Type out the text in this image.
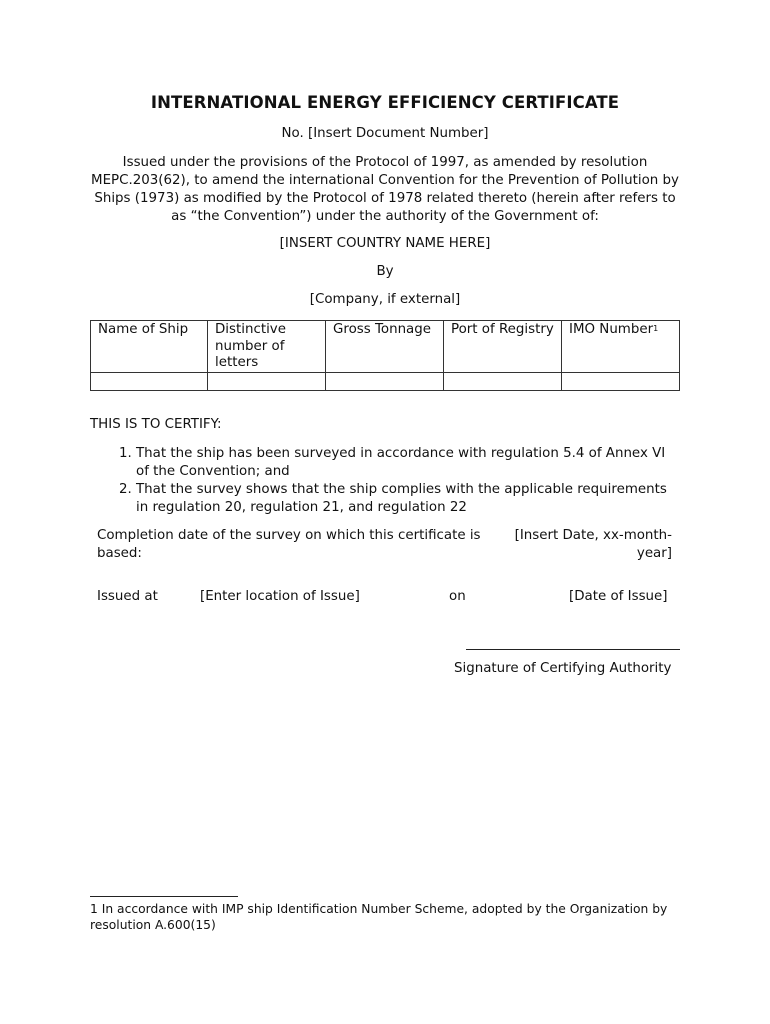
INTERNATIONAL ENERGY EFFICIENCY CERTIFICATE
No. [Insert Document Number]
Issued under the provisions of the Protocol of 1997, as amended by resolution MEPC.203(62), to amend the international Convention for the Prevention of Pollution by Ships (1973) as modified by the Protocol of 1978 related thereto (herein after refers to as “the Convention”) under the authority of the Government of:
[INSERT COUNTRY NAME HERE]
By
[Company, if external]
Name of Ship	Distinctive number of letters	Gross Tonnage	Port of Registry	IMO Number$^1$

THIS IS TO CERTIFY:
1. That the ship has been surveyed in accordance with regulation 5.4 of Annex VI of the Convention; and
2. That the survey shows that the ship complies with the applicable requirements in regulation 20, regulation 21, and regulation 22
Completion date of the survey on which this certificate is based:
[Insert Date, xx-month-year]
Issued at	[Enter location of Issue]	on	[Date of Issue]
Signature of Certifying Authority
1 In accordance with IMP ship Identification Number Scheme, adopted by the Organization by resolution A.600(15)
